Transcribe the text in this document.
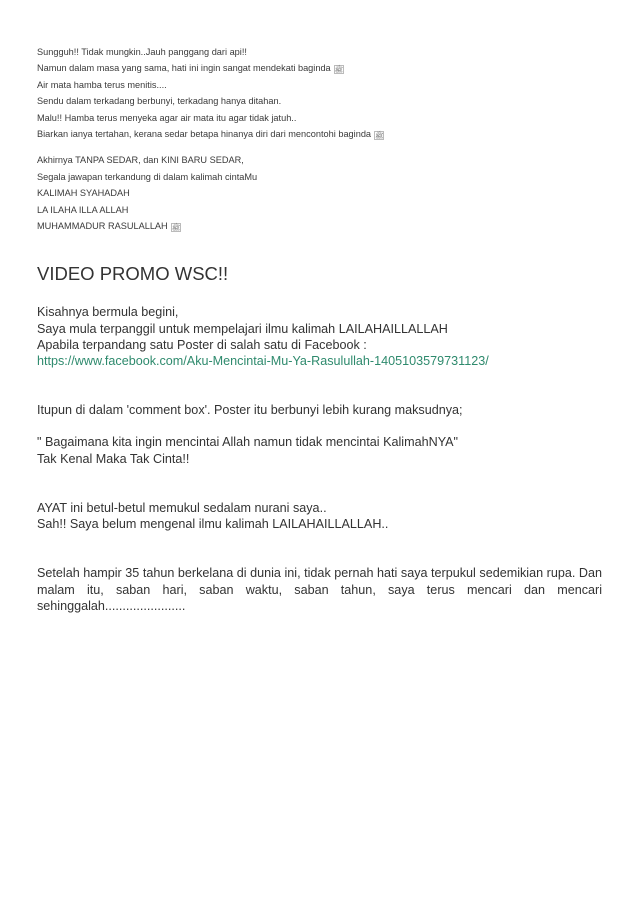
Sungguh!! Tidak mungkin..Jauh panggang dari api!!

Namun dalam masa yang sama, hati ini ingin sangat mendekati baginda ﷺ

Air mata hamba terus menitis....

Sendu dalam terkadang berbunyi, terkadang hanya ditahan.

Malu!! Hamba terus menyeka agar air mata itu agar tidak jatuh..

Biarkan ianya tertahan, kerana sedar betapa hinanya diri dari mencontohi baginda ﷺ

Akhirnya TANPA SEDAR, dan KINI BARU SEDAR,

Segala jawapan terkandung di dalam kalimah cintaMu

KALIMAH SYAHADAH

LA ILAHA ILLA ALLAH

MUHAMMADUR RASULALLAH ﷺ

VIDEO PROMO WSC!!

Kisahnya bermula begini,

Saya mula terpanggil untuk mempelajari ilmu kalimah LAILAHAILLALLAH

Apabila terpandang satu Poster di salah satu di Facebook :

https://www.facebook.com/Aku-Mencintai-Mu-Ya-Rasulullah-1405103579731123/

Itupun di dalam 'comment box'. Poster itu berbunyi lebih kurang maksudnya;

" Bagaimana kita ingin mencintai Allah namun tidak mencintai KalimahNYA"

Tak Kenal Maka Tak Cinta!!

AYAT ini betul-betul memukul sedalam nurani saya..

Sah!! Saya belum mengenal ilmu kalimah LAILAHAILLALLAH..

Setelah hampir 35 tahun berkelana di dunia ini, tidak pernah hati saya terpukul sedemikian rupa. Dan malam itu, saban hari, saban waktu, saban tahun, saya terus mencari dan mencari sehinggalah.......................
